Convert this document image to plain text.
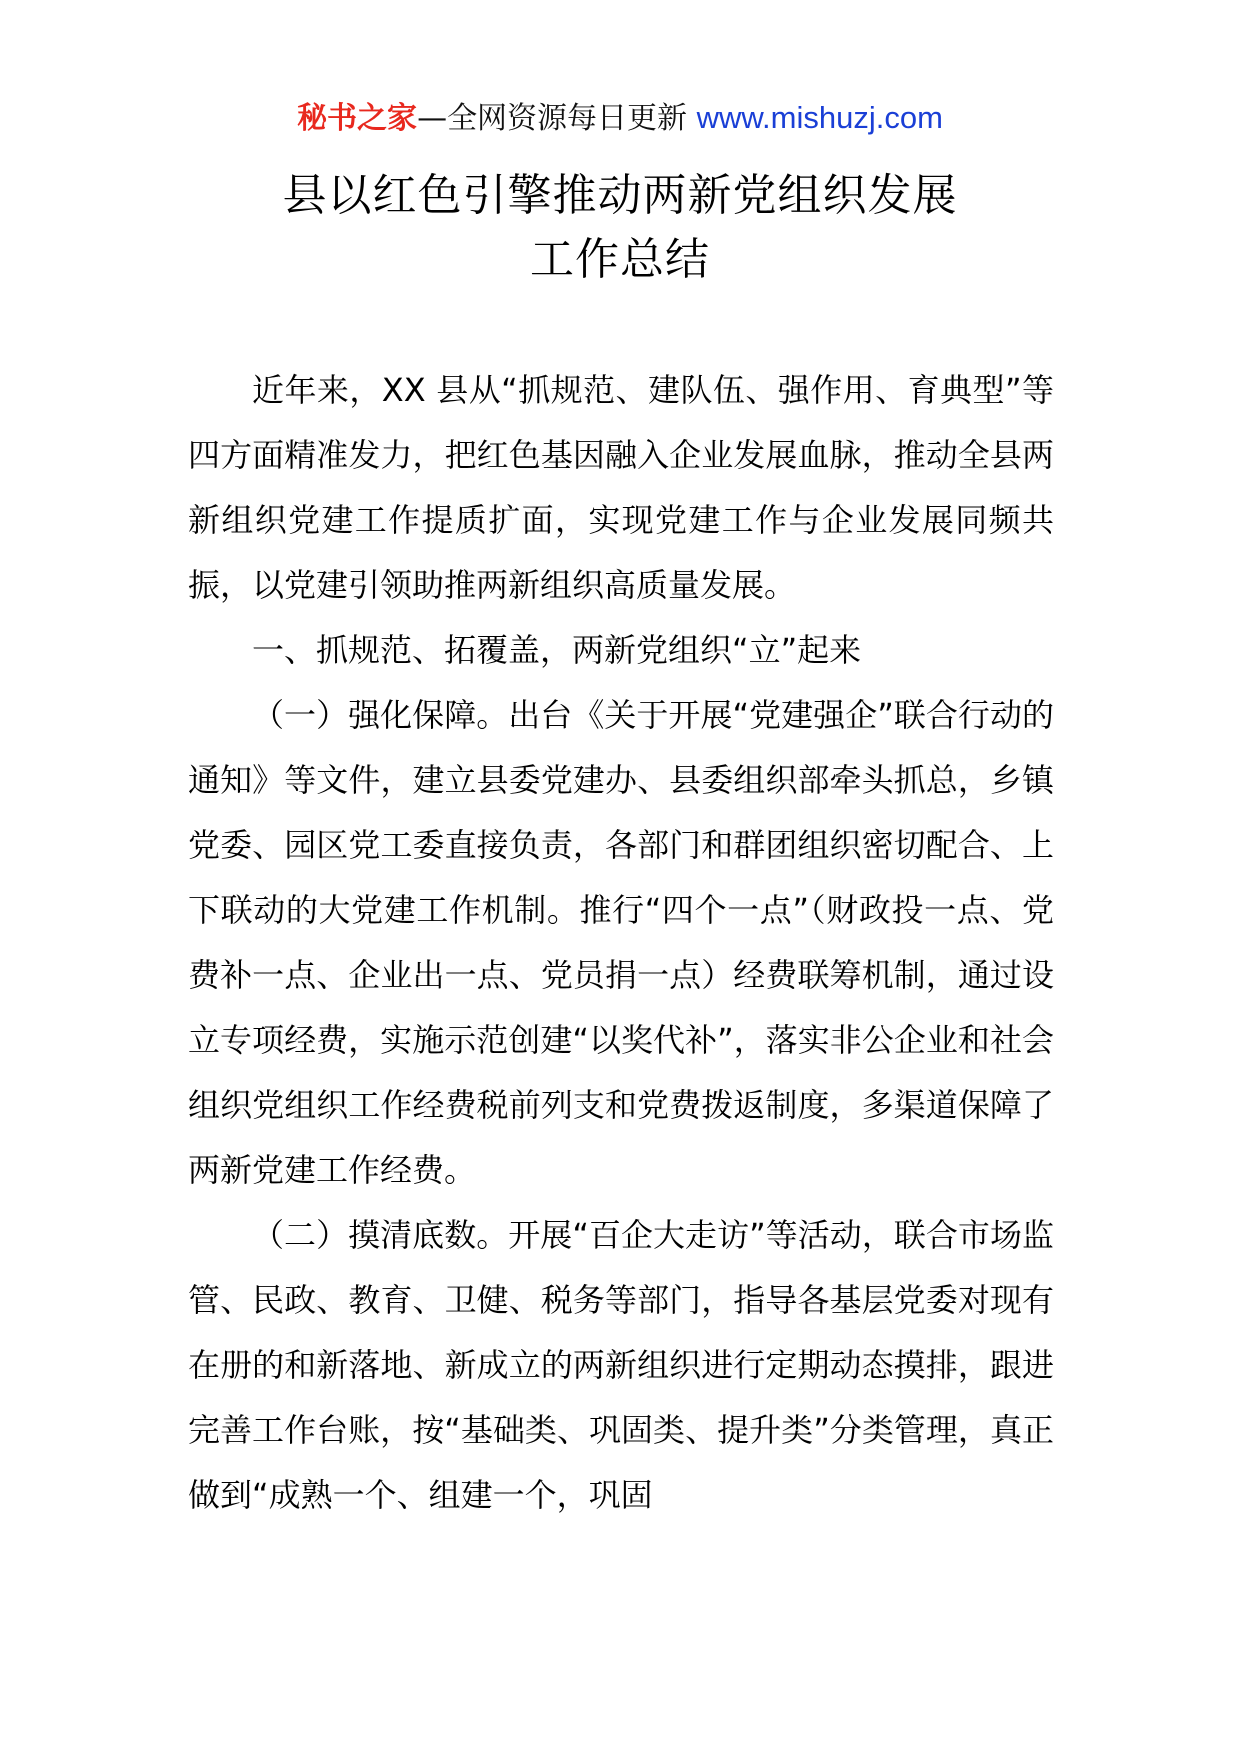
秘书之家—全网资源每日更新 www.mishuzj.com
县以红色引擎推动两新党组织发展
工作总结

近年来，XX 县从“抓规范、建队伍、强作用、育典型”等四方面精准发力，把红色基因融入企业发展血脉，推动全县两新组织党建工作提质扩面，实现党建工作与企业发展同频共振，以党建引领助推两新组织高质量发展。

一、抓规范、拓覆盖，两新党组织“立”起来

（一）强化保障。出台《关于开展“党建强企”联合行动的通知》等文件，建立县委党建办、县委组织部牵头抓总，乡镇党委、园区党工委直接负责，各部门和群团组织密切配合、上下联动的大党建工作机制。推行“四个一点”（财政投一点、党费补一点、企业出一点、党员捐一点）经费联筹机制，通过设立专项经费，实施示范创建“以奖代补”，落实非公企业和社会组织党组织工作经费税前列支和党费拨返制度，多渠道保障了两新党建工作经费。

（二）摸清底数。开展“百企大走访”等活动，联合市场监管、民政、教育、卫健、税务等部门，指导各基层党委对现有在册的和新落地、新成立的两新组织进行定期动态摸排，跟进完善工作台账，按“基础类、巩固类、提升类”分类管理，真正做到“成熟一个、组建一个，巩固
